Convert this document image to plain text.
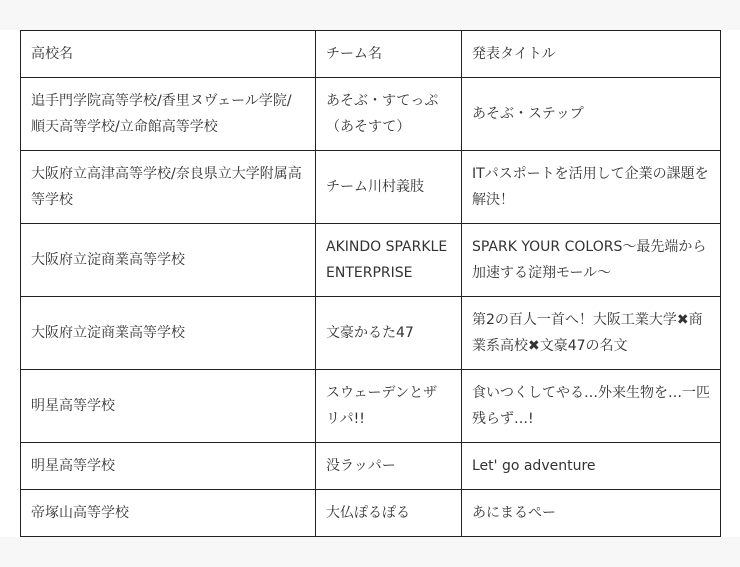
高校名	チーム名	発表タイトル
追手門学院高等学校/香里ヌヴェール学院/順天高等学校/立命館高等学校	あそぶ・すてっぷ（あそすて）	あそぶ・ステップ
大阪府立高津高等学校/奈良県立大学附属高等学校	チーム川村義肢	ITパスポートを活用して企業の課題を解決！
大阪府立淀商業高等学校	AKINDO SPARKLE ENTERPRISE	SPARK YOUR COLORS～最先端から加速する淀翔モール～
大阪府立淀商業高等学校	文豪かるた47	第2の百人一首へ！大阪工業大学✖商業系高校✖文豪47の名文
明星高等学校	スウェーデンとザリパ!!	食いつくしてやる…外来生物を…一匹残らず…!
明星高等学校	没ラッパー	Let' go adventure
帝塚山高等学校	大仏ぽるぽる	あにまるぺー
